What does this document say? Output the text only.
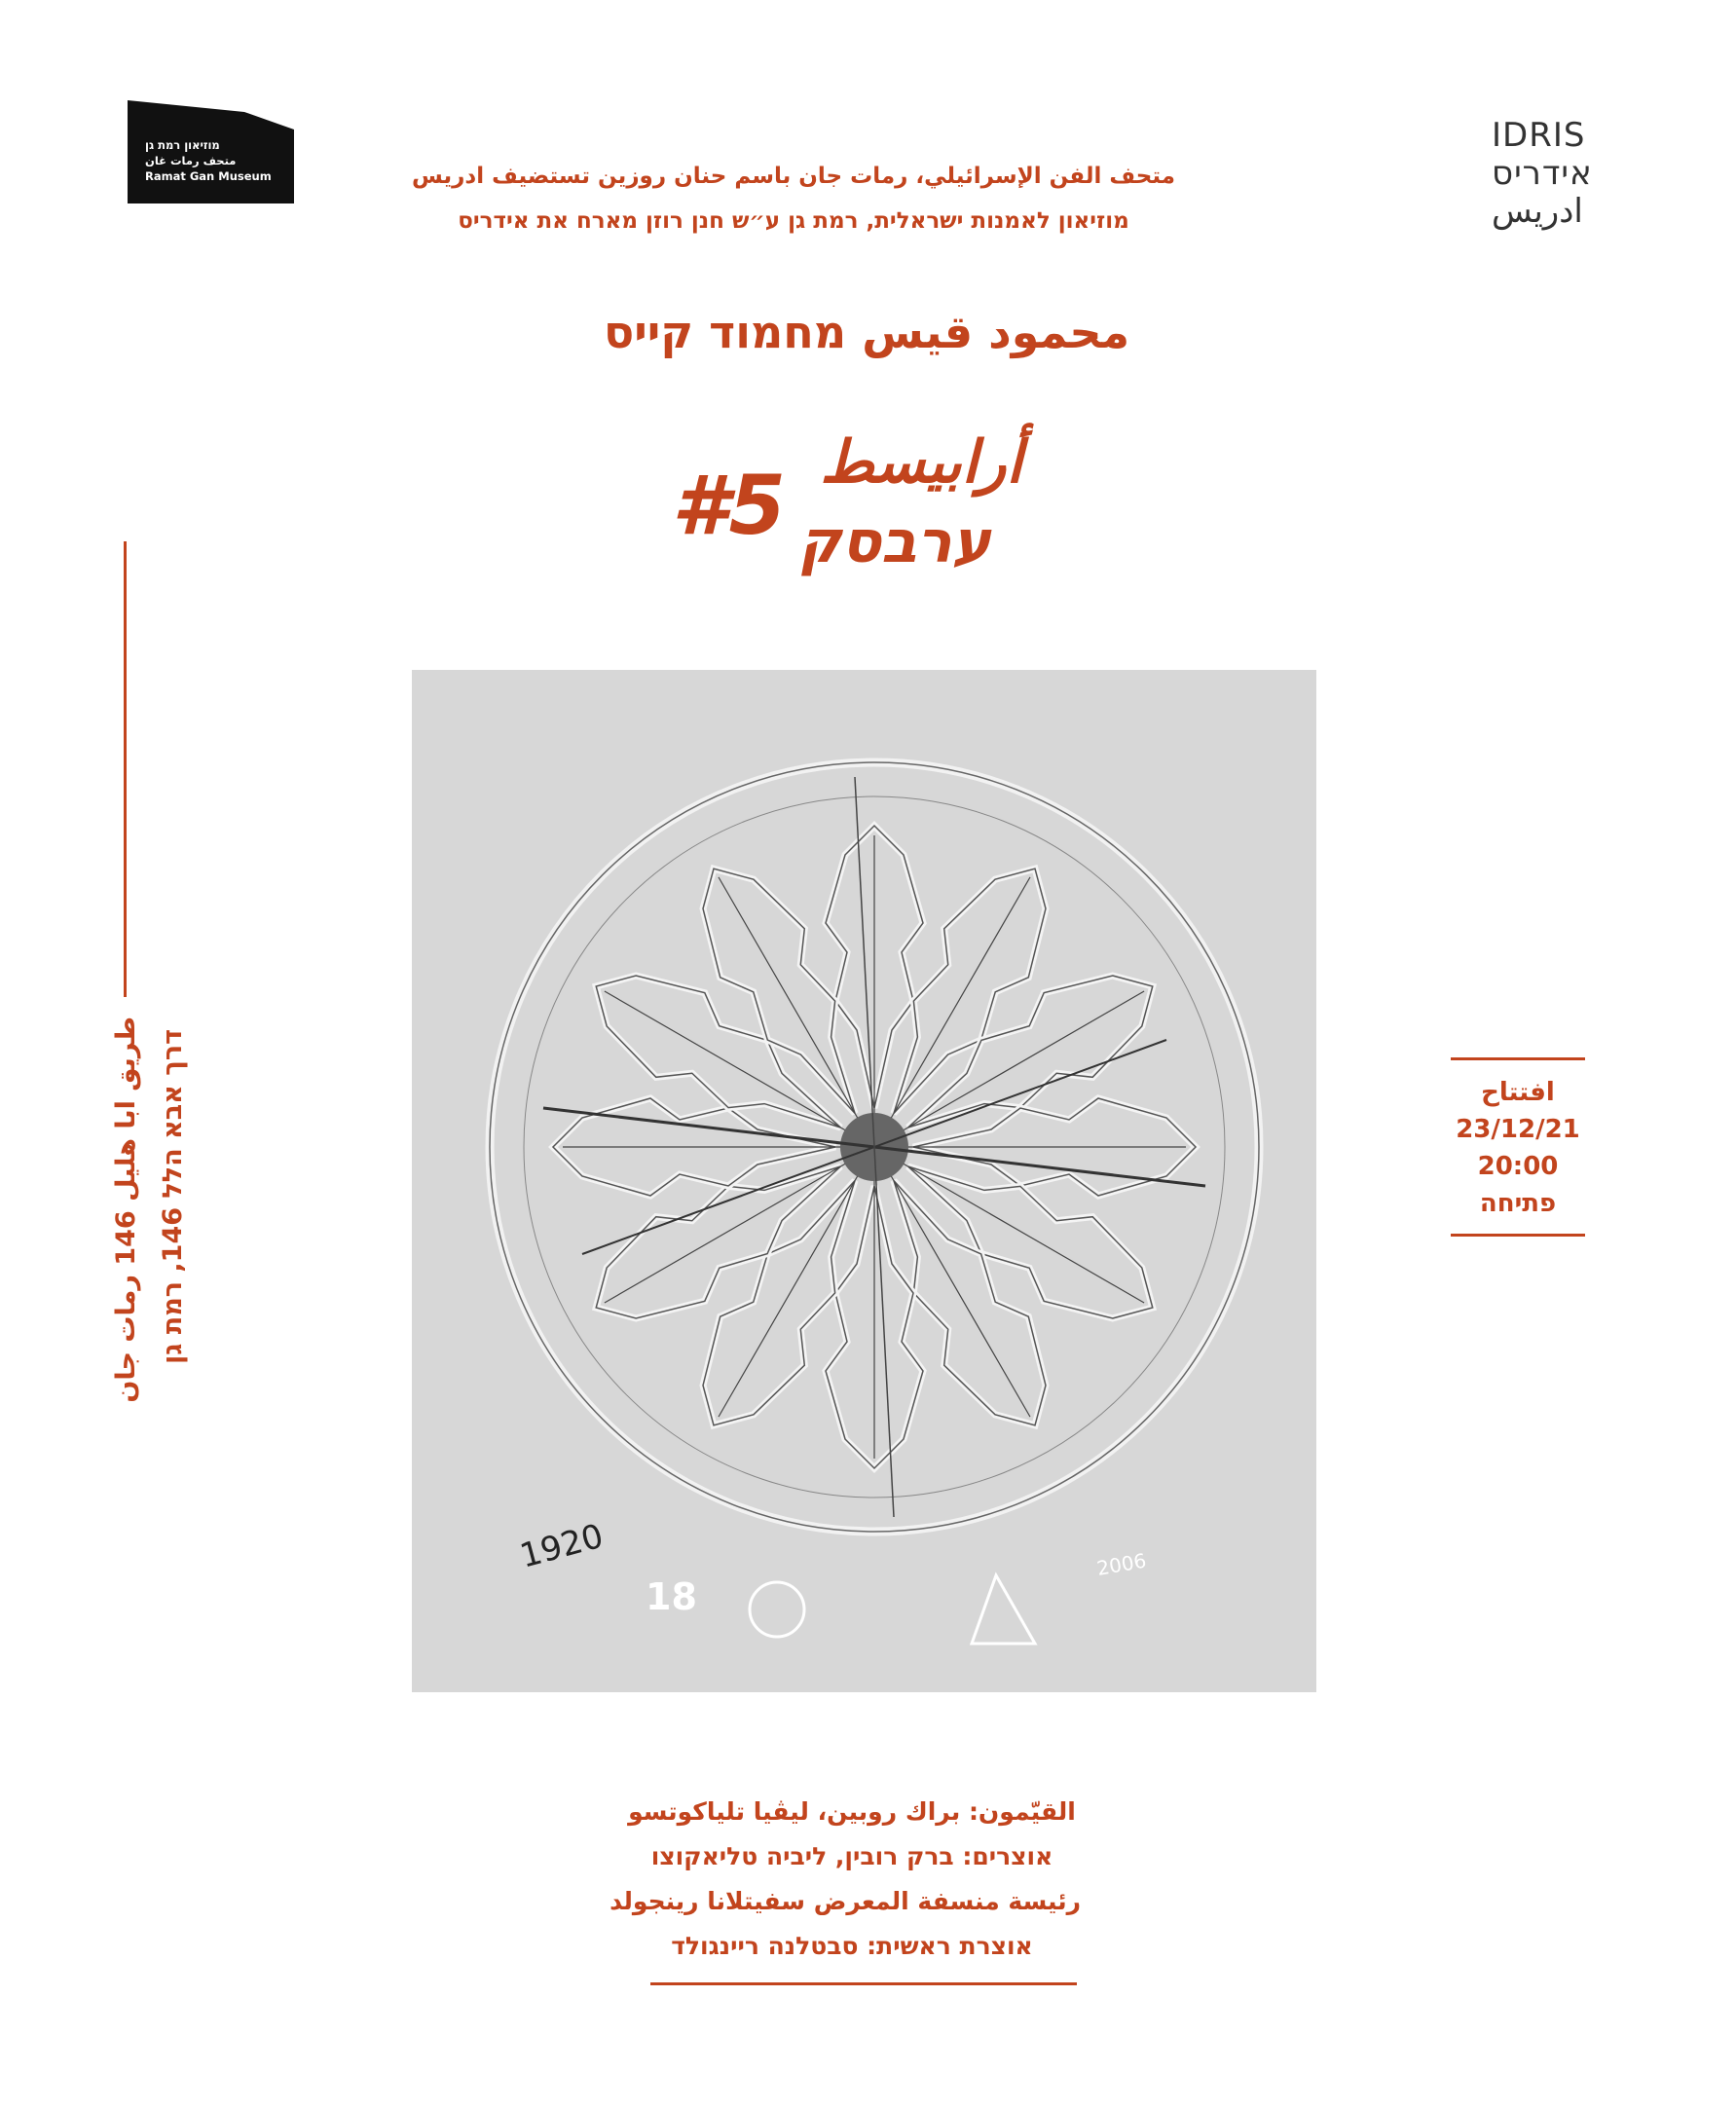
מוזיאון רמת גן
متحف رمات غان
Ramat Gan Museum
IDRIS
אידריס
ادريس
متحف الفن الإسرائيلي، رمات جان باسم حنان روزين تستضيف ادريس
מוזיאון לאמנות ישראלית, רמת גן ע״ש חנן רוזן מארח את אידריס
محمود قيس מחמוד קייס
أرابيسط
ערבסק
#5
1920
18
2006
طريق ابا هليل 146 رمات جان
דרך אבא הלל 146, רמת גן	افتتاح
23/12/21
20:00
פתיחה
القيّمون: براك روبين، ليڤيا تلياكوتسو
אוצרים: ברק רובין, ליביה טליאקוצו
رئيسة منسفة المعرض سفيتلانا رينجولد
אוצרת ראשית: סבטלנה ריינגולד
